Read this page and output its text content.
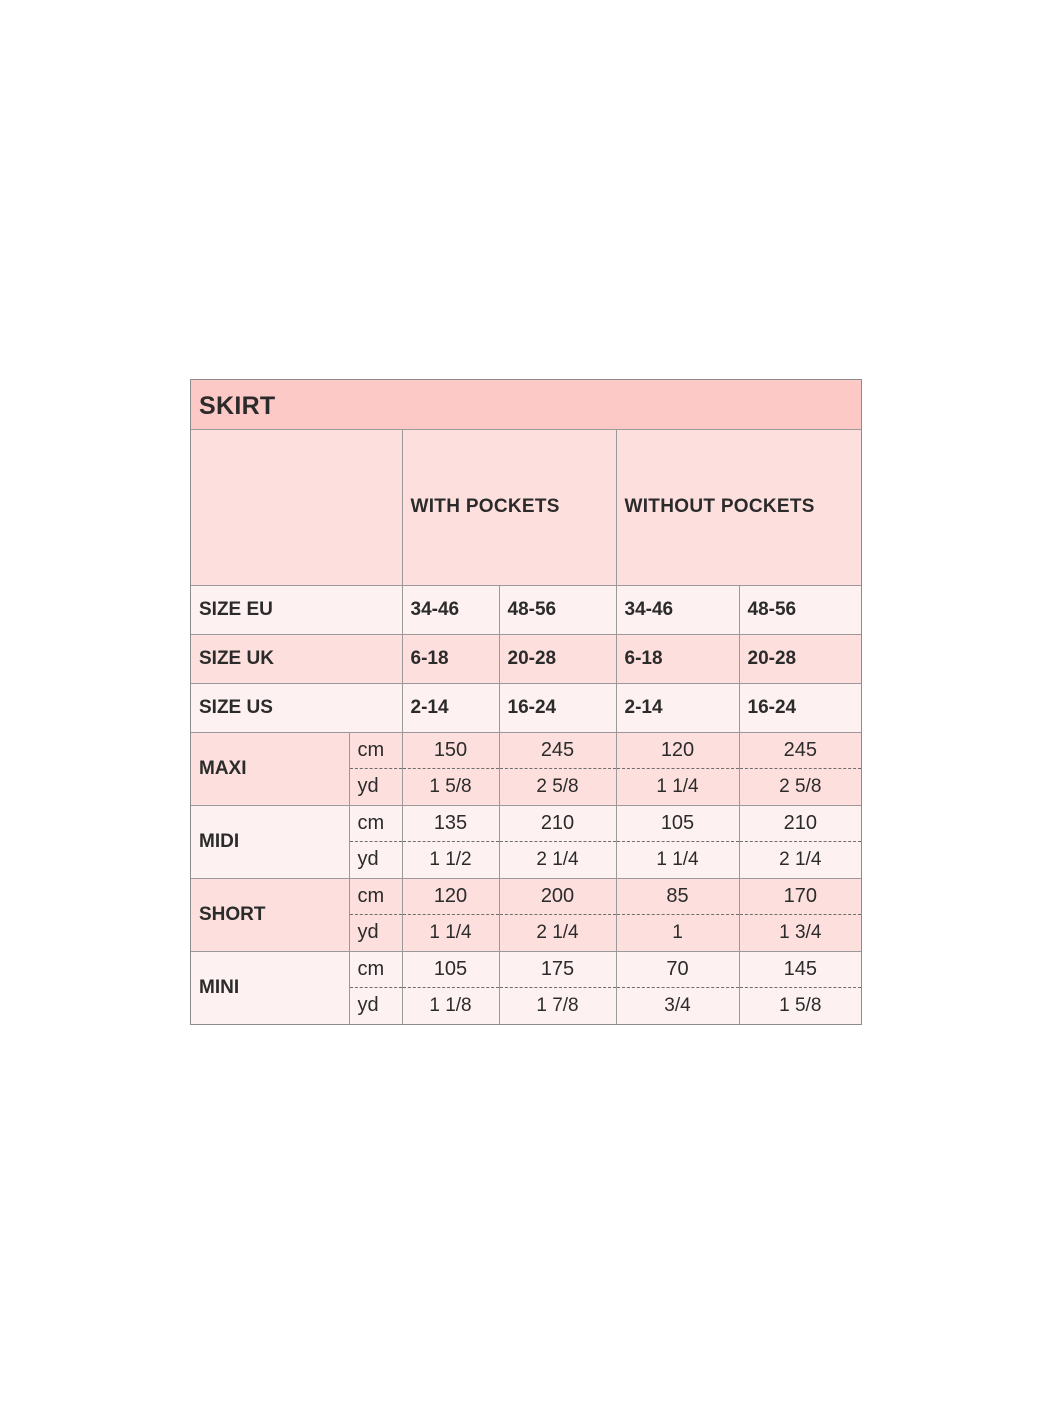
SKIRT					
		WITH POCKETS		WITHOUT POCKETS	
SIZE EU		34-46	48-56	34-46	48-56
SIZE UK		6-18	20-28	6-18	20-28
SIZE US		2-14	16-24	2-14	16-24
MAXI	cm	150	245	120	245
	yd	1 5/8	2 5/8	1 1/4	2 5/8
MIDI	cm	135	210	105	210
	yd	1 1/2	2 1/4	1 1/4	2 1/4
SHORT	cm	120	200	85	170
	yd	1 1/4	2 1/4	1	1 3/4
MINI	cm	105	175	70	145
	yd	1 1/8	1 7/8	3/4	1 5/8
